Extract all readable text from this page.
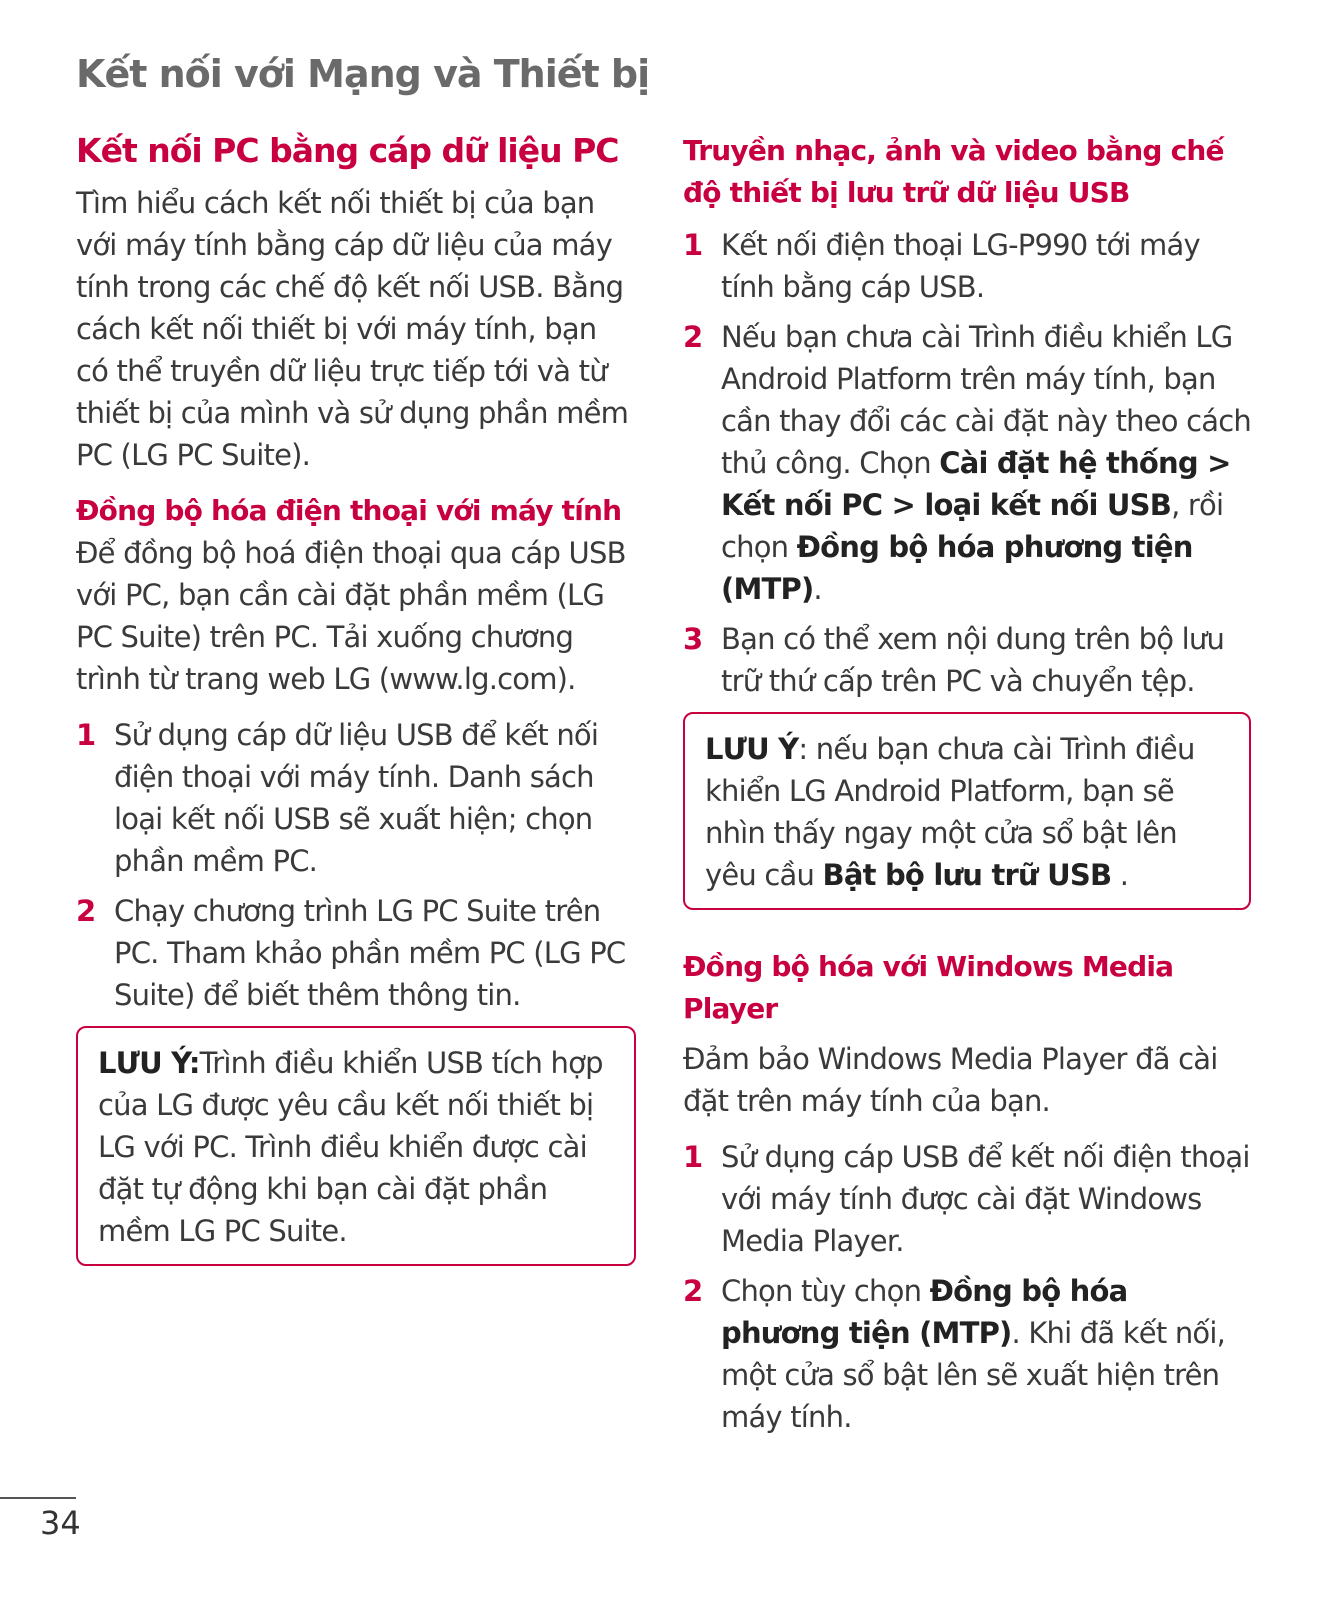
Kết nối với Mạng và Thiết bị
Kết nối PC bằng cáp dữ liệu PC

Tìm hiểu cách kết nối thiết bị của bạn với máy tính bằng cáp dữ liệu của máy tính trong các chế độ kết nối USB. Bằng cách kết nối thiết bị với máy tính, bạn có thể truyền dữ liệu trực tiếp tới và từ thiết bị của mình và sử dụng phần mềm PC (LG PC Suite).

Đồng bộ hóa điện thoại với máy tính

Để đồng bộ hoá điện thoại qua cáp USB với PC, bạn cần cài đặt phần mềm (LG PC Suite) trên PC. Tải xuống chương trình từ trang web LG (www.lg.com).

1 Sử dụng cáp dữ liệu USB để kết nối điện thoại với máy tính. Danh sách loại kết nối USB sẽ xuất hiện; chọn phần mềm PC.
2 Chạy chương trình LG PC Suite trên PC. Tham khảo phần mềm PC (LG PC Suite) để biết thêm thông tin.
LƯU Ý:Trình điều khiển USB tích hợp của LG được yêu cầu kết nối thiết bị LG với PC. Trình điều khiển được cài đặt tự động khi bạn cài đặt phần mềm LG PC Suite.
Truyền nhạc, ảnh và video bằng chế độ thiết bị lưu trữ dữ liệu USB
1 Kết nối điện thoại LG-P990 tới máy tính bằng cáp USB.
2 Nếu bạn chưa cài Trình điều khiển LG Android Platform trên máy tính, bạn cần thay đổi các cài đặt này theo cách thủ công. Chọn Cài đặt hệ thống > Kết nối PC > loại kết nối USB, rồi chọn Đồng bộ hóa phương tiện (MTP).
3 Bạn có thể xem nội dung trên bộ lưu trữ thứ cấp trên PC và chuyển tệp.
LƯU Ý: nếu bạn chưa cài Trình điều khiển LG Android Platform, bạn sẽ nhìn thấy ngay một cửa sổ bật lên yêu cầu Bật bộ lưu trữ USB .
Đồng bộ hóa với Windows Media Player

Đảm bảo Windows Media Player đã cài đặt trên máy tính của bạn.

1 Sử dụng cáp USB để kết nối điện thoại với máy tính được cài đặt Windows Media Player.
2 Chọn tùy chọn Đồng bộ hóa phương tiện (MTP). Khi đã kết nối, một cửa sổ bật lên sẽ xuất hiện trên máy tính.
34
